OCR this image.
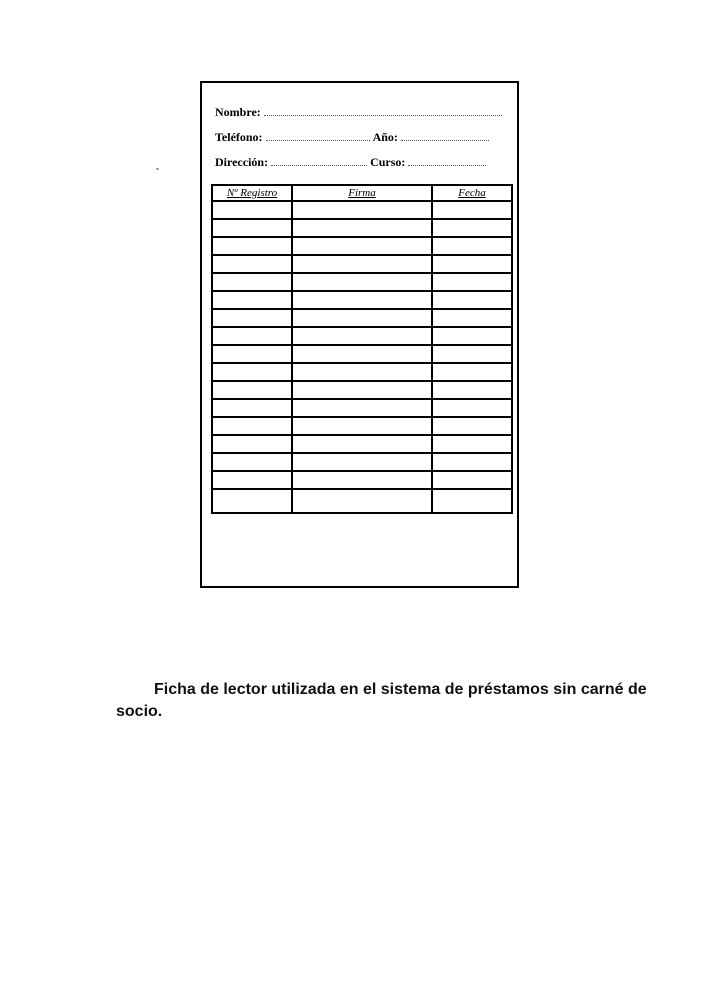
Nombre:
Teléfono:	Año:
Dirección:	Curso:
Nº Registro	Firma	Fecha

Ficha de lector utilizada en el sistema de préstamos sin carné de socio.
